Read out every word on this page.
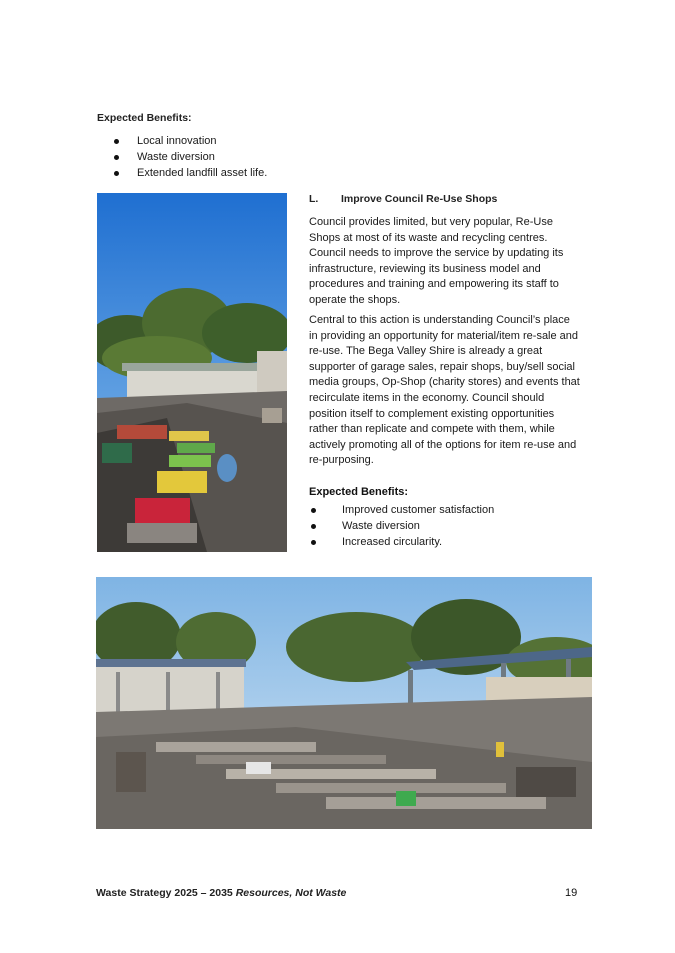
Expected Benefits:
Local innovation
Waste diversion
Extended landfill asset life.
L. Improve Council Re-Use Shops

Council provides limited, but very popular, Re-Use Shops at most of its waste and recycling centres. Council needs to improve the service by updating its infrastructure, reviewing its business model and procedures and training and empowering its staff to operate the shops.

Central to this action is understanding Council’s place in providing an opportunity for material/item re-sale and re-use. The Bega Valley Shire is already a great supporter of garage sales, repair shops, buy/sell social media groups, Op-Shop (charity stores) and events that recirculate items in the economy. Council should position itself to complement existing opportunities rather than replicate and compete with them, while actively promoting all of the options for item re-use and re-purposing.

Expected Benefits:
Improved customer satisfaction
Waste diversion
Increased circularity.
Waste Strategy 2025 – 2035 Resources, Not Waste	19
